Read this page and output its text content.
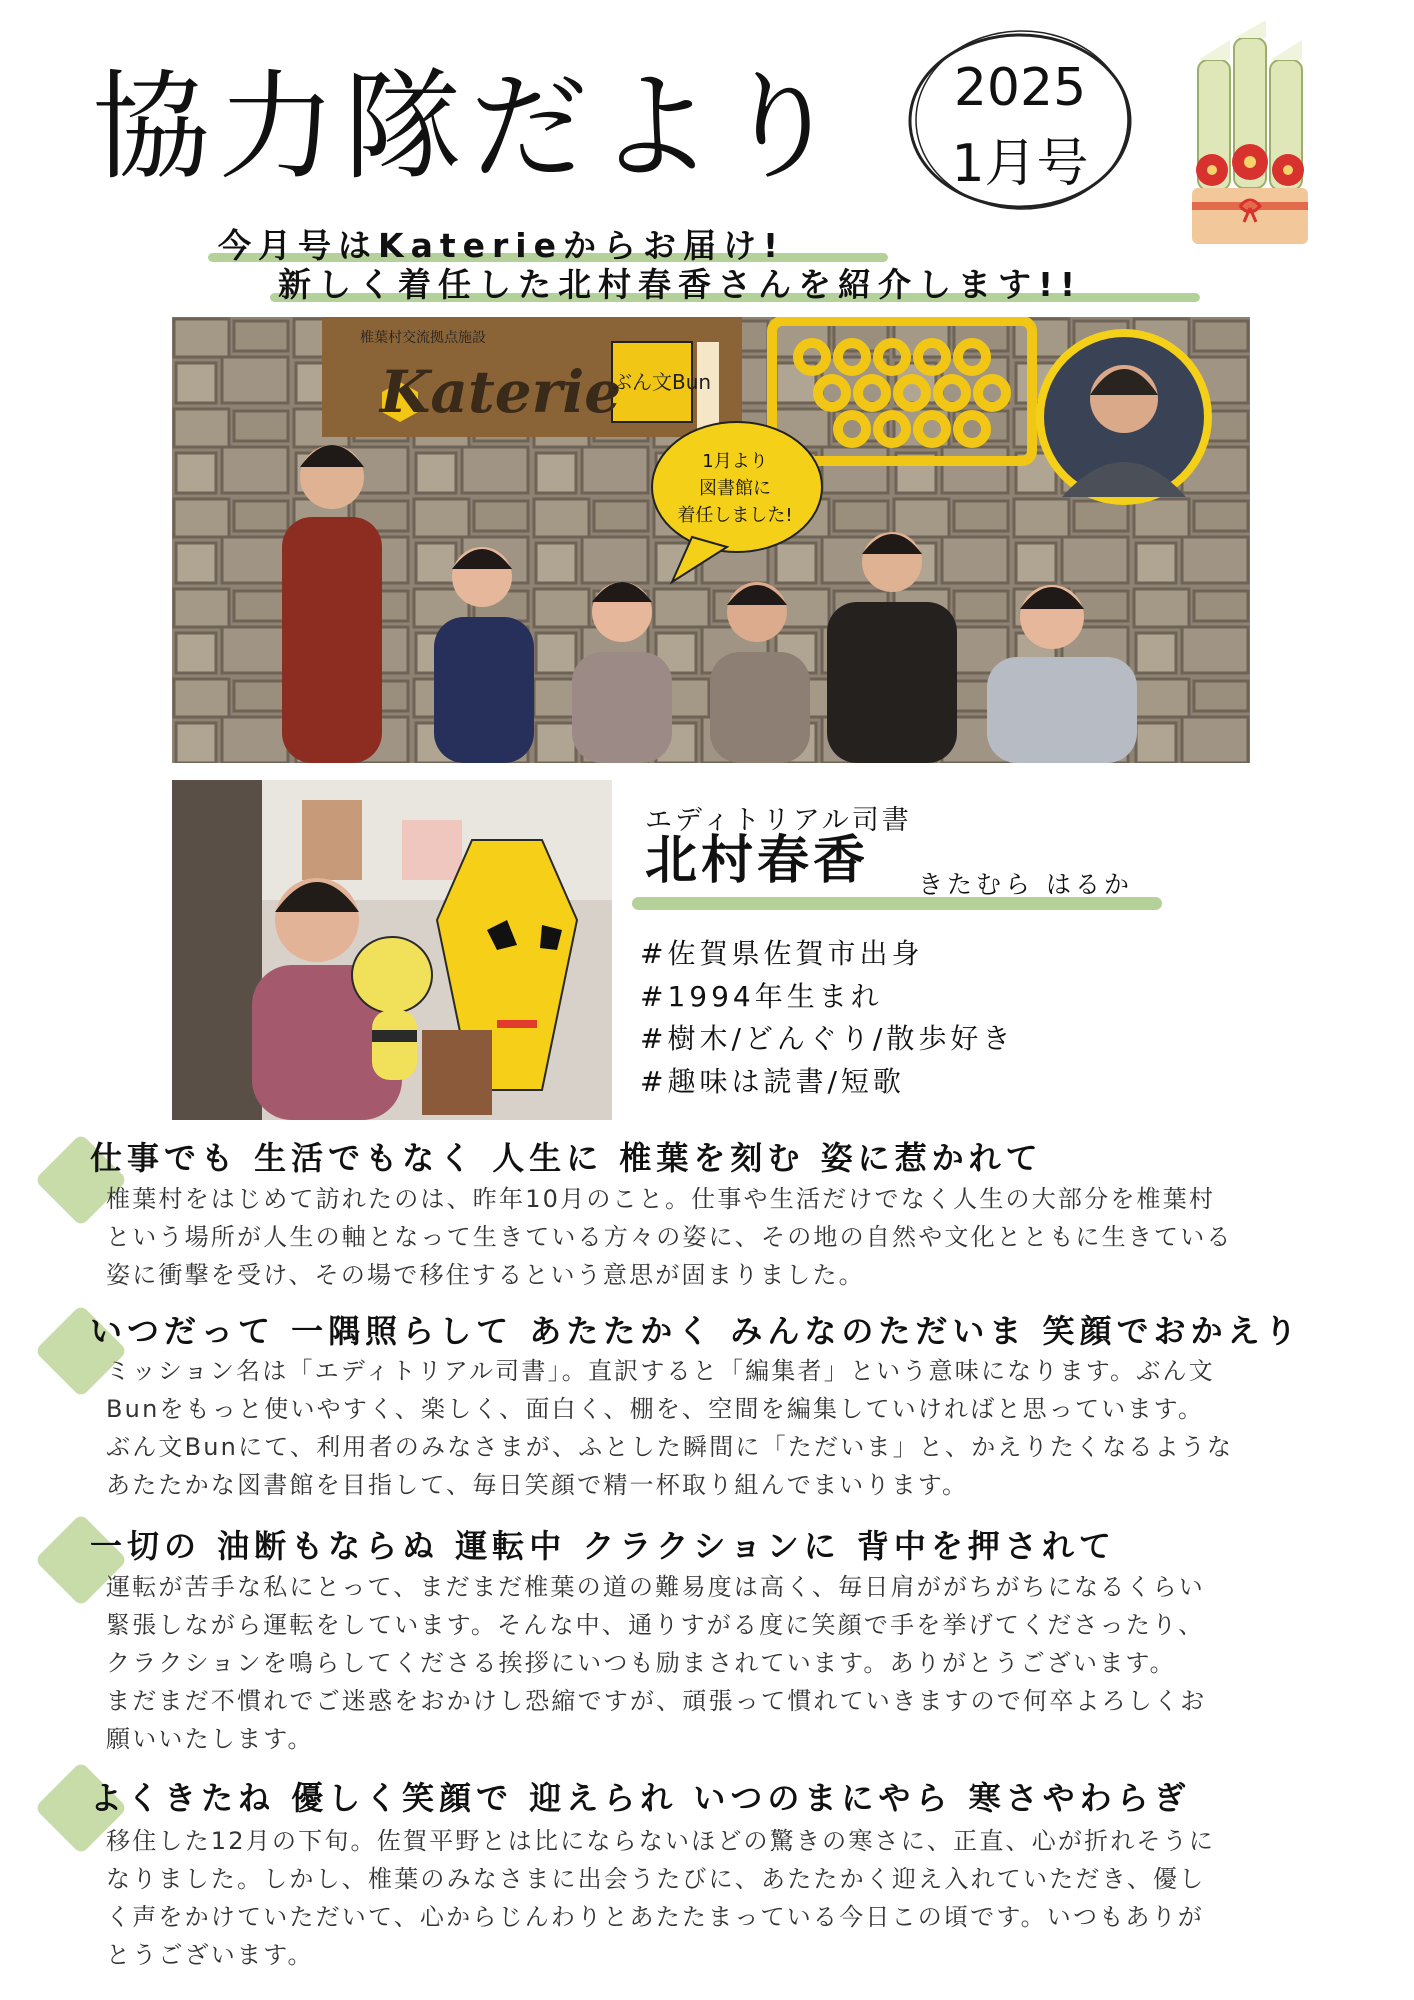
協力隊だより	2025
1月号
今月号はKaterieからお届け!
新しく着任した北村春香さんを紹介します!!
椎葉村交流拠点施設
Katerie
ぶん文Bun
1月より
図書館に
着任しました!
エディトリアル司書
北村春香 きたむら はるか
#佐賀県佐賀市出身
#1994年生まれ
#樹木/どんぐり/散歩好き
#趣味は読書/短歌
仕事でも 生活でもなく 人生に 椎葉を刻む 姿に惹かれて

椎葉村をはじめて訪れたのは、昨年10月のこと。仕事や生活だけでなく人生の大部分を椎葉村

という場所が人生の軸となって生きている方々の姿に、その地の自然や文化とともに生きている

姿に衝撃を受け、その場で移住するという意思が固まりました。

いつだって 一隅照らして あたたかく みんなのただいま 笑顔でおかえり

ミッション名は「エディトリアル司書」。直訳すると「編集者」という意味になります。ぶん文

Bunをもっと使いやすく、楽しく、面白く、棚を、空間を編集していければと思っています。

ぶん文Bunにて、利用者のみなさまが、ふとした瞬間に「ただいま」と、かえりたくなるような

あたたかな図書館を目指して、毎日笑顔で精一杯取り組んでまいります。

一切の 油断もならぬ 運転中 クラクションに 背中を押されて

運転が苦手な私にとって、まだまだ椎葉の道の難易度は高く、毎日肩ががちがちになるくらい

緊張しながら運転をしています。そんな中、通りすがる度に笑顔で手を挙げてくださったり、

クラクションを鳴らしてくださる挨拶にいつも励まされています。ありがとうございます。

まだまだ不慣れでご迷惑をおかけし恐縮ですが、頑張って慣れていきますので何卒よろしくお

願いいたします。

よくきたね 優しく笑顔で 迎えられ いつのまにやら 寒さやわらぎ

移住した12月の下旬。佐賀平野とは比にならないほどの驚きの寒さに、正直、心が折れそうに

なりました。しかし、椎葉のみなさまに出会うたびに、あたたかく迎え入れていただき、優し

く声をかけていただいて、心からじんわりとあたたまっている今日この頃です。いつもありが

とうございます。
